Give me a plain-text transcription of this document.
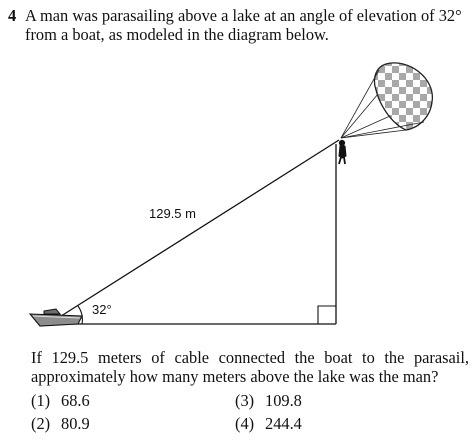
4 A man was parasailing above a lake at an angle of elevation of 32°
from a boat, as modeled in the diagram below.
129.5 m
32°
If 129.5 meters of cable connected the boat to the parasail, approximately how many meters above the lake was the man?
(1) 68.6
(2) 80.9
(3) 109.8
(4) 244.4
